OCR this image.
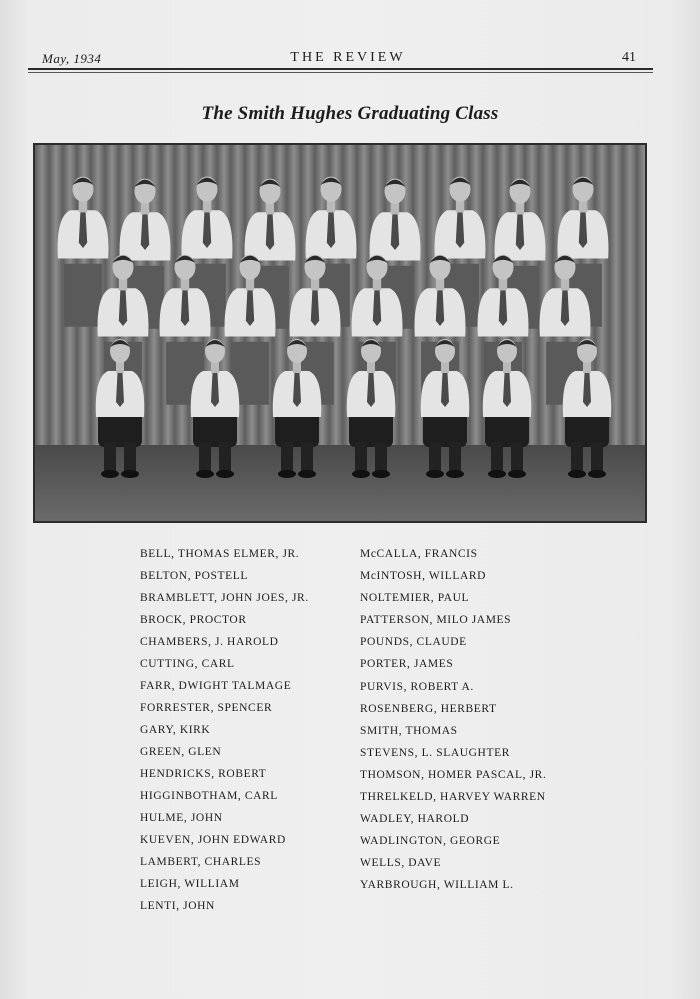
May, 1934	THE REVIEW	41
The Smith Hughes Graduating Class
BELL, THOMAS ELMER, JR.
BELTON, POSTELL
BRAMBLETT, JOHN JOES, JR.
BROCK, PROCTOR
CHAMBERS, J. HAROLD
CUTTING, CARL
FARR, DWIGHT TALMAGE
FORRESTER, SPENCER
GARY, KIRK
GREEN, GLEN
HENDRICKS, ROBERT
HIGGINBOTHAM, CARL
HULME, JOHN
KUEVEN, JOHN EDWARD
LAMBERT, CHARLES
LEIGH, WILLIAM
LENTI, JOHN
McCALLA, FRANCIS
McINTOSH, WILLARD
NOLTEMIER, PAUL
PATTERSON, MILO JAMES
POUNDS, CLAUDE
PORTER, JAMES
PURVIS, ROBERT A.
ROSENBERG, HERBERT
SMITH, THOMAS
STEVENS, L. SLAUGHTER
THOMSON, HOMER PASCAL, JR.
THRELKELD, HARVEY WARREN
WADLEY, HAROLD
WADLINGTON, GEORGE
WELLS, DAVE
YARBROUGH, WILLIAM L.
